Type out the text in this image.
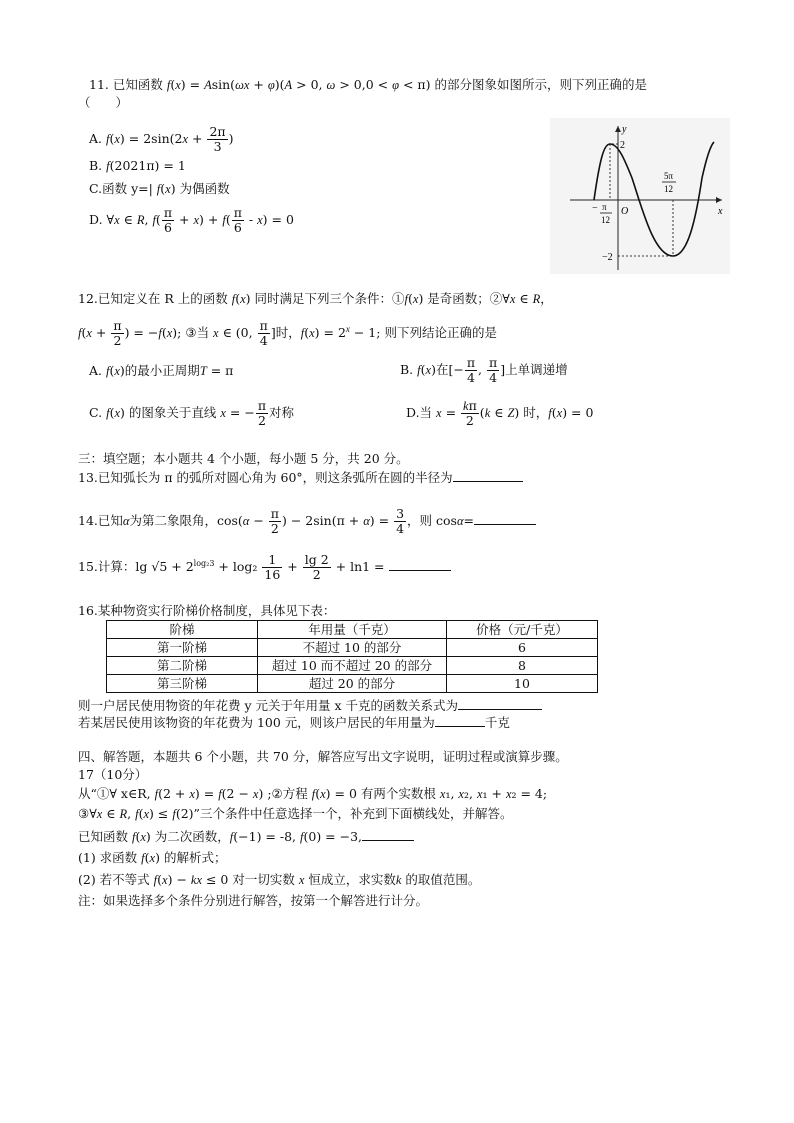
11. 已知函数 f(x) = Asin(ωx + φ)(A > 0, ω > 0,0 < φ < π) 的部分图象如图所示，则下列正确的是
（　　）
A. $f(x) = 2\sin(2x + \frac{2\pi}{3}$ )
B. f(2021π) = 1
C.函数 y=| f(x) 为偶函数
D. ∀x ∈ R, $f( \frac{\pi}{6} + x) + f( \frac{\pi}{6} - x) = 0$
y
x
O
2
−2
− π
12
5π
12
12.已知定义在 R 上的函数 f(x) 同时满足下列三个条件：①f(x) 是奇函数；②∀x ∈ R，
$f(x + \frac{\pi}{2}$ ) = −f(x); ③当 x ∈ (0, $\frac{\pi}{4}$ ]时，$f(x) = 2^x - 1$; 则下列结论正确的是
A. f(x)的最小正周期T = π	B. f(x)在[− $\frac{\pi}{4}$ , $\frac{\pi}{4}$ ]上单调递增
C. f(x) 的图象关于直线 x = − $\frac{\pi}{2}$ 对称	D.当 $x = \frac{k\pi}{2} (k$ ∈ Z) 时，f(x) = 0
三：填空题；本小题共 4 个小题，每小题 5 分，共 20 分。
13.已知弧长为 π 的弧所对圆心角为 60°，则这条弧所在圆的半径为
14.已知α为第二象限角，$\cos(\alpha - \frac{\pi}{2}$ ) − $2\sin(\pi + \alpha) = \frac{3}{4}$ ，则 cosα=
15.计算：$\lg √5 + 2^{log_23} + \log_2 \frac{1}{16} + \frac{\lg 2}{2} + \ln 1$ =
16.某种物资实行阶梯价格制度，具体见下表：
阶梯	年用量（千克）	价格（元/千克）
第一阶梯	不超过 10 的部分	6
第二阶梯	超过 10 而不超过 20 的部分	8
第三阶梯	超过 20 的部分	10
则一户居民使用物资的年花费 y 元关于年用量 x 千克的函数关系式为
若某居民使用该物资的年花费为 100 元，则该户居民的年用量为	千克
四、解答题，本题共 6 个小题，共 70 分，解答应写出文字说明，证明过程或演算步骤。
17（10分）
从“①∀ x∈R, f(2 + x) = f(2 − x) ;②方程 f(x) = 0 有两个实数根 x₁, x₂, x₁ + x₂ = 4;
③∀x ∈ R, f(x) ≤ f(2)”三个条件中任意选择一个，补充到下面横线处，并解答。
已知函数 f(x) 为二次函数，f(−1) = -8, f(0) = −3,
(1) 求函数 f(x) 的解析式；
(2) 若不等式 f(x) − kx ≤ 0 对一切实数 x 恒成立，求实数k 的取值范围。
注：如果选择多个条件分别进行解答，按第一个解答进行计分。
